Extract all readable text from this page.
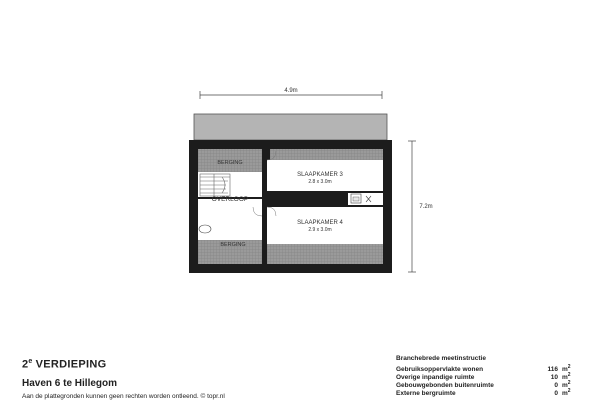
4.9m
7.2m
BERGING
OVERLOOP
BERGING
SLAAPKAMER 3
2.8 x 3.0m
SLAAPKAMER 4
2.9 x 3.0m
2e VERDIEPING
Haven 6 te Hillegom
Aan de plattegronden kunnen geen rechten worden ontleend. © topr.nl
Branchebrede meetinstructie
Gebruiksoppervlakte wonen	116 $m^2$
Overige inpandige ruimte	10 $m^2$
Gebouwgebonden buitenruimte	0 $m^2$
Externe bergruimte	0 $m^2$
